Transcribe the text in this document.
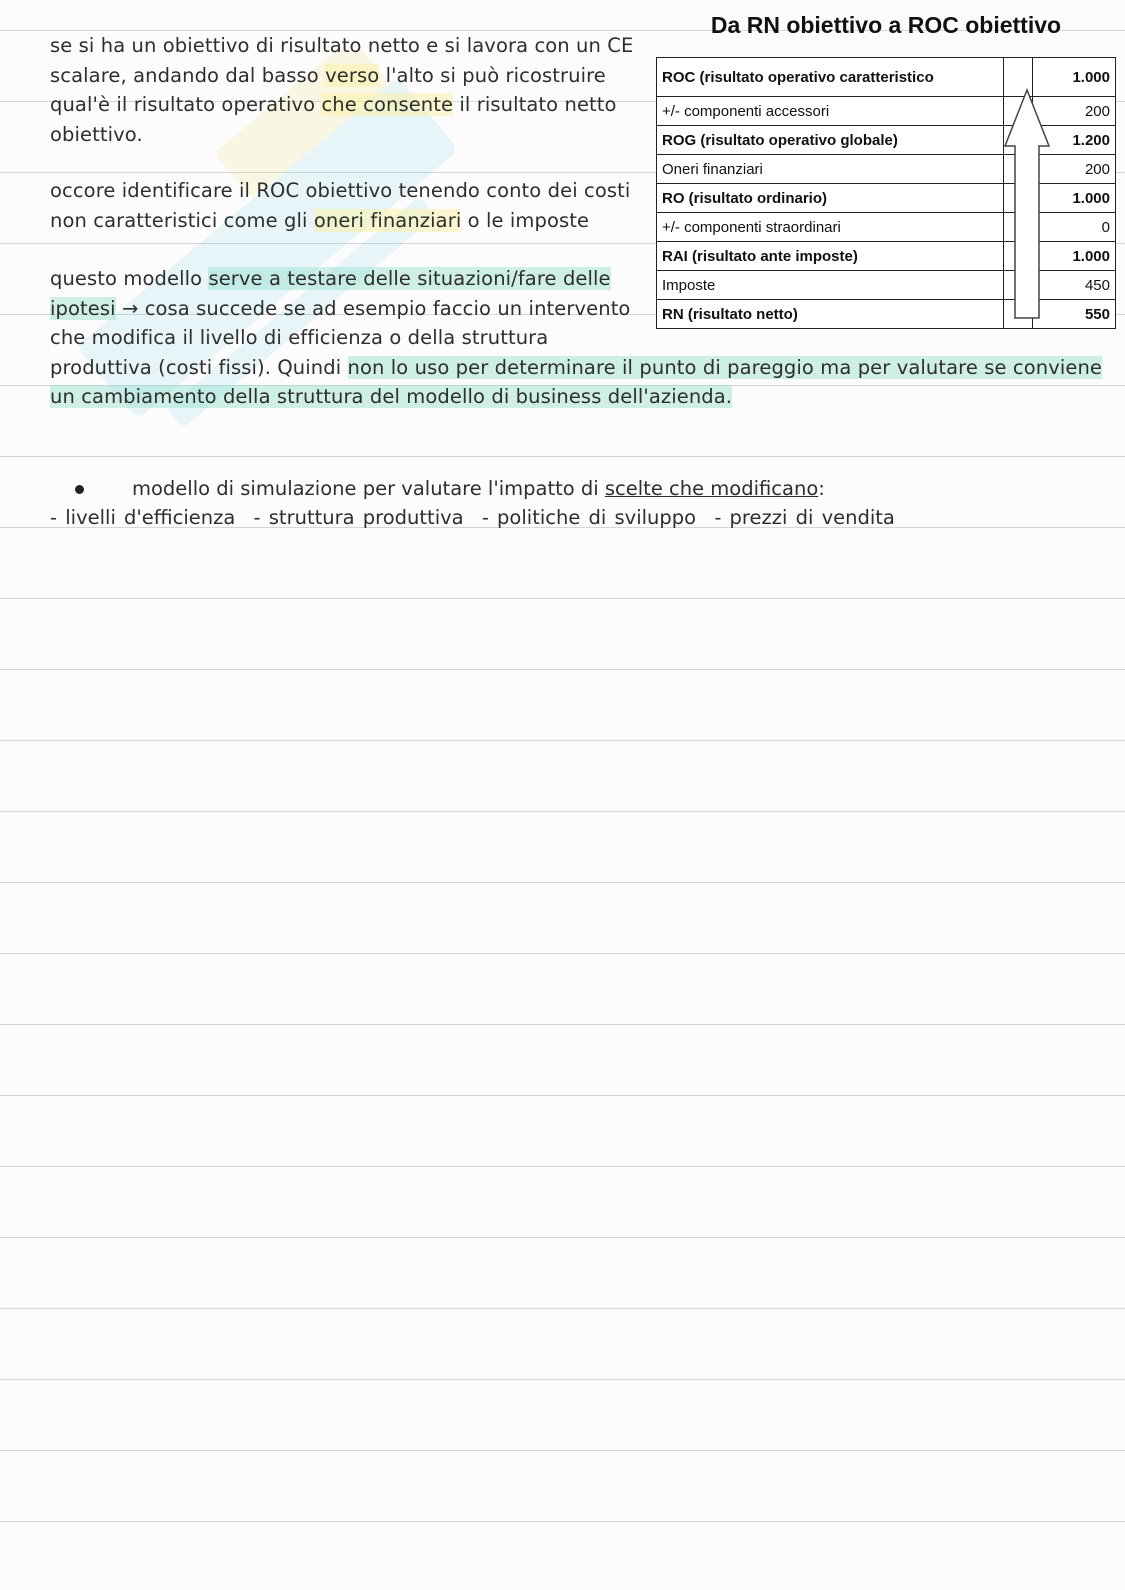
se si ha un obiettivo di risultato netto e si lavora con un CE
scalare, andando dal basso verso l'alto si può ricostruire
qual'è il risultato operativo che consente il risultato netto
obiettivo.

occore identificare il ROC obiettivo tenendo conto dei costi
non caratteristici come gli oneri finanziari o le imposte

questo modello serve a testare delle situazioni/fare delle
ipotesi → cosa succede se ad esempio faccio un intervento
che modifica il livello di efficienza o della struttura
produttiva (costi fissi). Quindi non lo uso per determinare il punto di pareggio ma per valutare se conviene
un cambiamento della struttura del modello di business dell'azienda.

Da RN obiettivo a ROC obiettivo
ROC (risultato operativo caratteristico		1.000
+/- componenti accessori		200
ROG (risultato operativo globale)		1.200
Oneri finanziari		200
RO (risultato ordinario)		1.000
+/- componenti straordinari		0
RAI (risultato ante imposte)		1.000
Imposte		450
RN (risultato netto)		550
modello di simulazione per valutare l'impatto di scelte che modificano:

- livelli d'efficienza - struttura produttiva - politiche di sviluppo - prezzi di vendita
